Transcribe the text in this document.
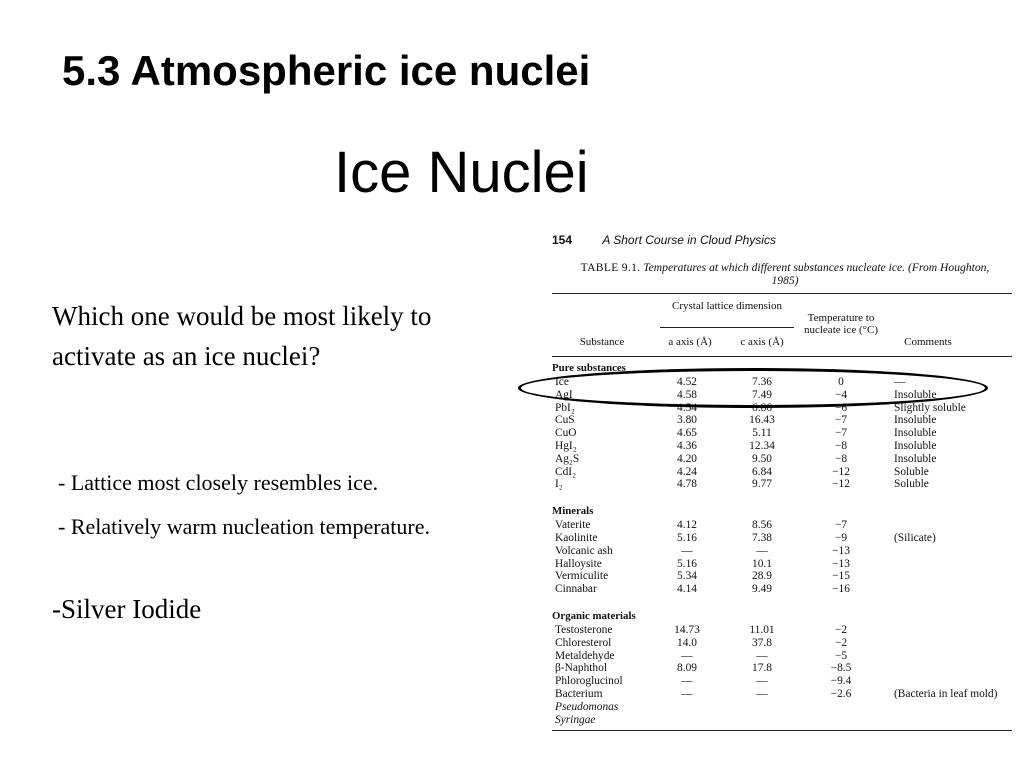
5.3 Atmospheric ice nuclei
Ice Nuclei

Which one would be most likely to activate as an ice nuclei?

- Lattice most closely resembles ice.

- Relatively warm nucleation temperature.

-Silver Iodide

154	A Short Course in Cloud Physics

TABLE 9.1. Temperatures at which different substances nucleate ice. (From Houghton, 1985)

Crystal lattice dimension
Substance	a axis (Å)	c axis (Å)
Temperature to nucleate ice (°C)
Comments
Pure substances
Ice	4.52	7.36	0	—
AgI	4.58	7.49	−4	Insoluble
PbI₂	4.54	6.86	−6	Slightly soluble
CuS	3.80	16.43	−7	Insoluble
CuO	4.65	5.11	−7	Insoluble
HgI₂	4.36	12.34	−8	Insoluble
Ag₂S	4.20	9.50	−8	Insoluble
CdI₂	4.24	6.84	−12	Soluble
I₂	4.78	9.77	−12	Soluble
Minerals
Vaterite	4.12	8.56	−7
Kaolinite	5.16	7.38	−9	(Silicate)
Volcanic ash	—	—	−13
Halloysite	5.16	10.1	−13
Vermiculite	5.34	28.9	−15
Cinnabar	4.14	9.49	−16
Organic materials
Testosterone	14.73	11.01	−2
Chloresterol	14.0	37.8	−2
Metaldehyde	—	—	−5
β-Naphthol	8.09	17.8	−8.5
Phloroglucinol	—	—	−9.4
Bacterium	—	—	−2.6	(Bacteria in leaf mold)
Pseudomonas
Syringae
